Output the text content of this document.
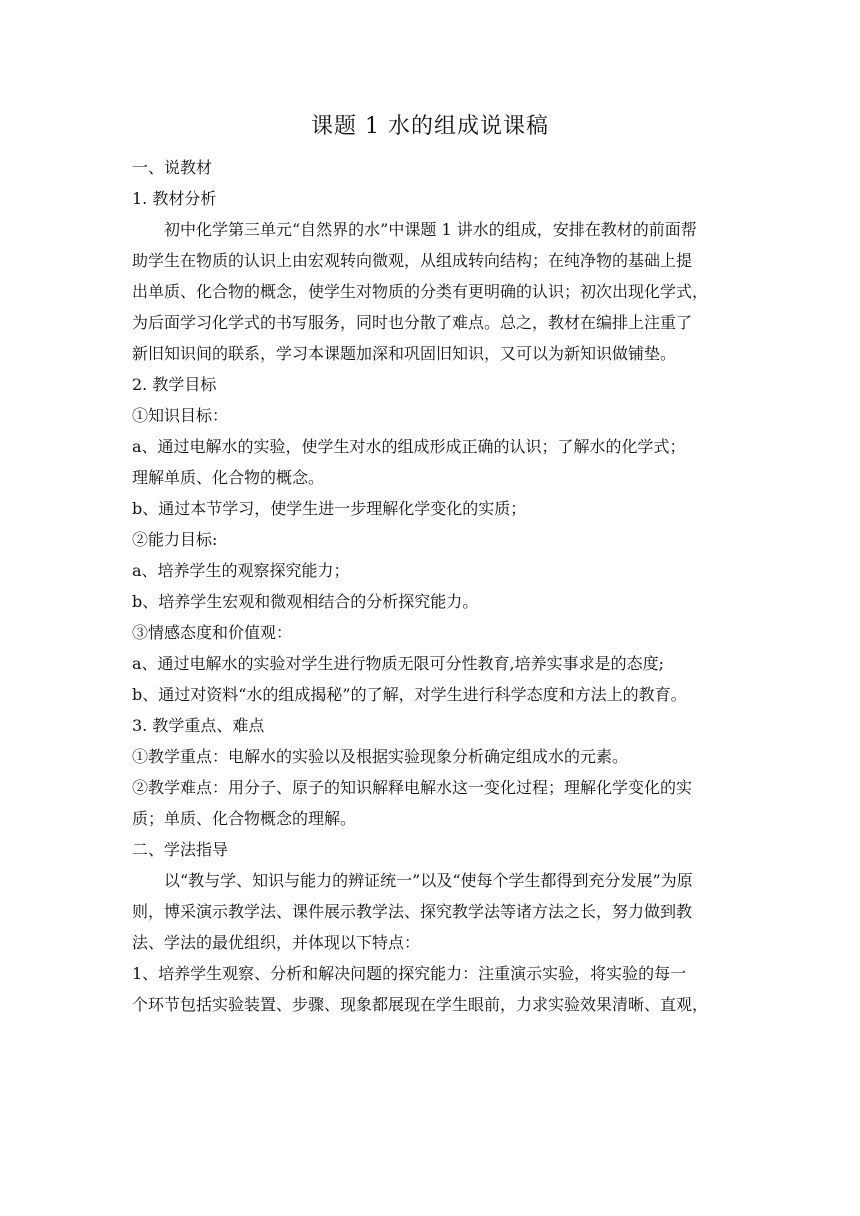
课题 1 水的组成说课稿
一、说教材
1. 教材分析
初中化学第三单元“自然界的水”中课题 1 讲水的组成，安排在教材的前面帮
助学生在物质的认识上由宏观转向微观，从组成转向结构；在纯净物的基础上提
出单质、化合物的概念，使学生对物质的分类有更明确的认识；初次出现化学式，
为后面学习化学式的书写服务，同时也分散了难点。总之，教材在编排上注重了
新旧知识间的联系，学习本课题加深和巩固旧知识，又可以为新知识做铺垫。
2. 教学目标
①知识目标：
a、通过电解水的实验，使学生对水的组成形成正确的认识；了解水的化学式；
理解单质、化合物的概念。
b、通过本节学习，使学生进一步理解化学变化的实质；
②能力目标:
a、培养学生的观察探究能力；
b、培养学生宏观和微观相结合的分析探究能力。
③情感态度和价值观：
a、通过电解水的实验对学生进行物质无限可分性教育,培养实事求是的态度;
b、通过对资料“水的组成揭秘”的了解，对学生进行科学态度和方法上的教育。
3. 教学重点、难点
①教学重点：电解水的实验以及根据实验现象分析确定组成水的元素。
②教学难点：用分子、原子的知识解释电解水这一变化过程；理解化学变化的实
质；单质、化合物概念的理解。
二、学法指导
以“教与学、知识与能力的辨证统一”以及“使每个学生都得到充分发展”为原
则，博采演示教学法、课件展示教学法、探究教学法等诸方法之长，努力做到教
法、学法的最优组织，并体现以下特点：
1、培养学生观察、分析和解决问题的探究能力：注重演示实验，将实验的每一
个环节包括实验装置、步骤、现象都展现在学生眼前，力求实验效果清晰、直观，
